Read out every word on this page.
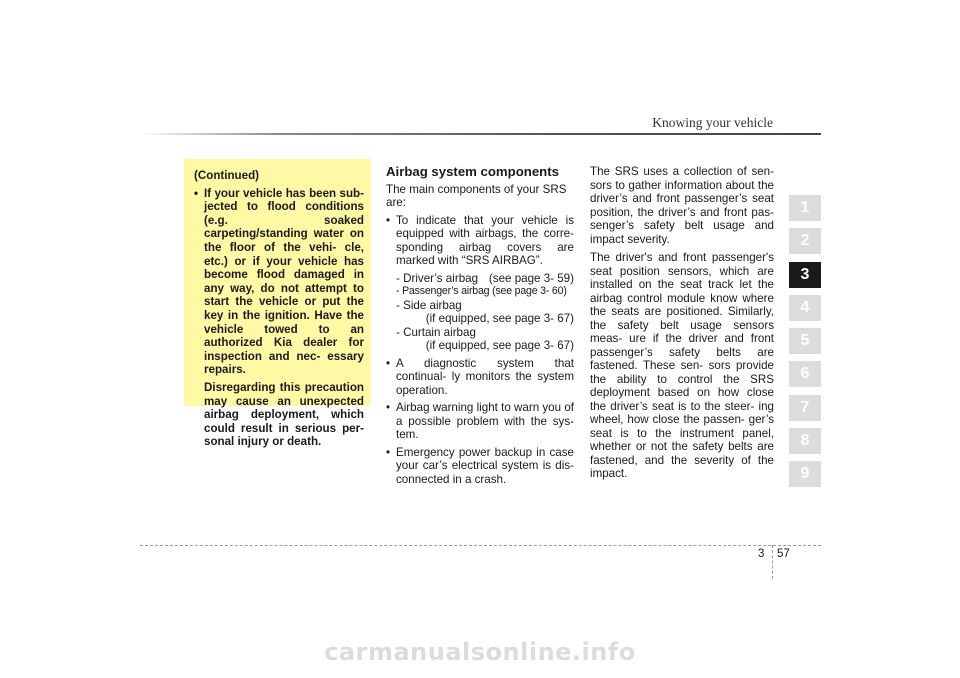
Knowing your vehicle
1
2
3
4
5
6
7
8
9

(Continued)

• If your vehicle has been sub- jected to flood conditions (e.g. soaked carpeting/standing water on the floor of the vehi- cle, etc.) or if your vehicle has become flood damaged in any way, do not attempt to start the vehicle or put the key in the ignition. Have the vehicle towed to an authorized Kia dealer for inspection and nec- essary repairs.

Disregarding this precaution may cause an unexpected airbag deployment, which could result in serious per- sonal injury or death.

Airbag system components

The main components of your SRS are:

• To indicate that your vehicle is equipped with airbags, the corre- sponding airbag covers are marked with “SRS AIRBAG”.
- Driver’s airbag (see page 3- 59)
- Passenger’s airbag (see page 3- 60)
- Side airbag
(if equipped, see page 3- 67)
- Curtain airbag
(if equipped, see page 3- 67)
• A diagnostic system that continual- ly monitors the system operation.
• Airbag warning light to warn you of a possible problem with the sys- tem.
• Emergency power backup in case your car’s electrical system is dis- connected in a crash.

The SRS uses a collection of sen- sors to gather information about the driver’s and front passenger’s seat position, the driver’s and front pas- senger’s safety belt usage and impact severity.

The driver's and front passenger's seat position sensors, which are installed on the seat track let the airbag control module know where the seats are positioned. Similarly, the safety belt usage sensors meas- ure if the driver and front passenger’s safety belts are fastened. These sen- sors provide the ability to control the SRS deployment based on how close the driver’s seat is to the steer- ing wheel, how close the passen- ger’s seat is to the instrument panel, whether or not the safety belts are fastened, and the severity of the impact.

3 57
carmanualsonline.info
